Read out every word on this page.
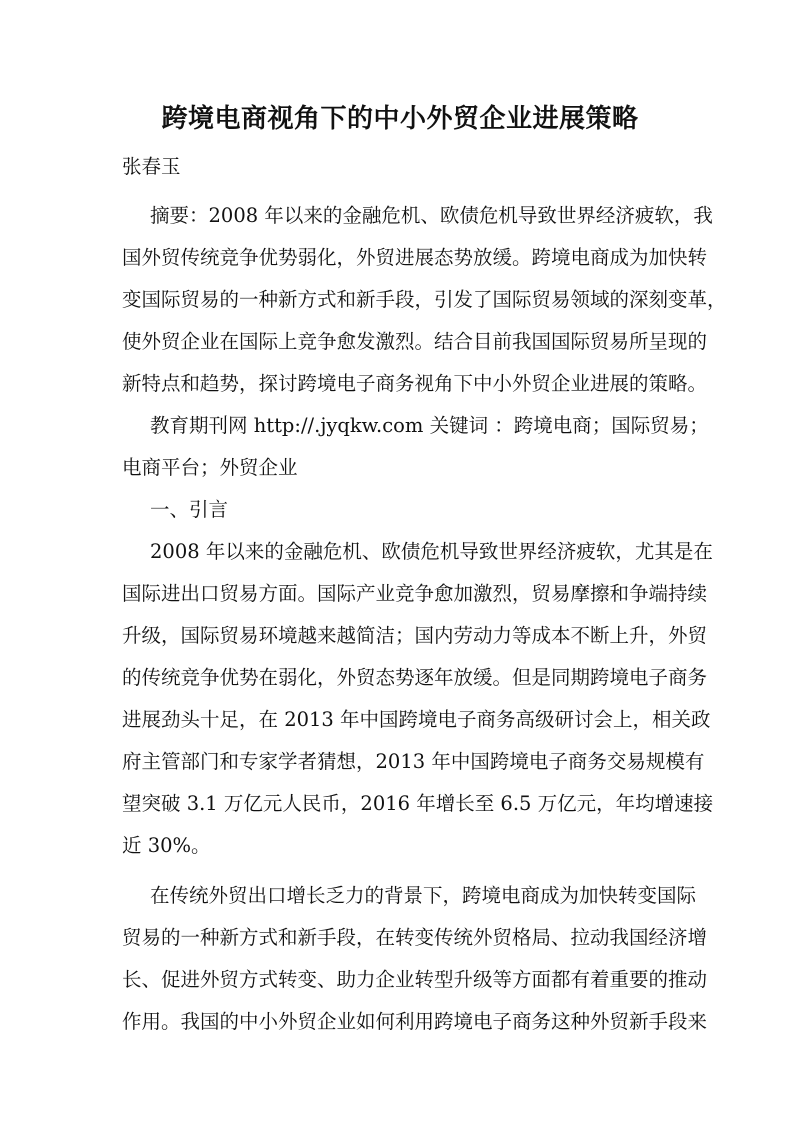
跨境电商视角下的中小外贸企业进展策略
张春玉
摘要：2008 年以来的金融危机、欧债危机导致世界经济疲软，我
国外贸传统竞争优势弱化，外贸进展态势放缓。跨境电商成为加快转
变国际贸易的一种新方式和新手段，引发了国际贸易领域的深刻变革，
使外贸企业在国际上竞争愈发激烈。结合目前我国国际贸易所呈现的
新特点和趋势，探讨跨境电子商务视角下中小外贸企业进展的策略。
教育期刊网 http://.jyqkw.com 关键词 ：跨境电商；国际贸易；
电商平台；外贸企业
一、引言
2008 年以来的金融危机、欧债危机导致世界经济疲软，尤其是在
国际进出口贸易方面。国际产业竞争愈加激烈，贸易摩擦和争端持续
升级，国际贸易环境越来越简洁；国内劳动力等成本不断上升，外贸
的传统竞争优势在弱化，外贸态势逐年放缓。但是同期跨境电子商务
进展劲头十足，在 2013 年中国跨境电子商务高级研讨会上，相关政
府主管部门和专家学者猜想，2013 年中国跨境电子商务交易规模有
望突破 3.1 万亿元人民币，2016 年增长至 6.5 万亿元，年均增速接
近 30%。
在传统外贸出口增长乏力的背景下，跨境电商成为加快转变国际
贸易的一种新方式和新手段，在转变传统外贸格局、拉动我国经济增
长、促进外贸方式转变、助力企业转型升级等方面都有着重要的推动
作用。我国的中小外贸企业如何利用跨境电子商务这种外贸新手段来
